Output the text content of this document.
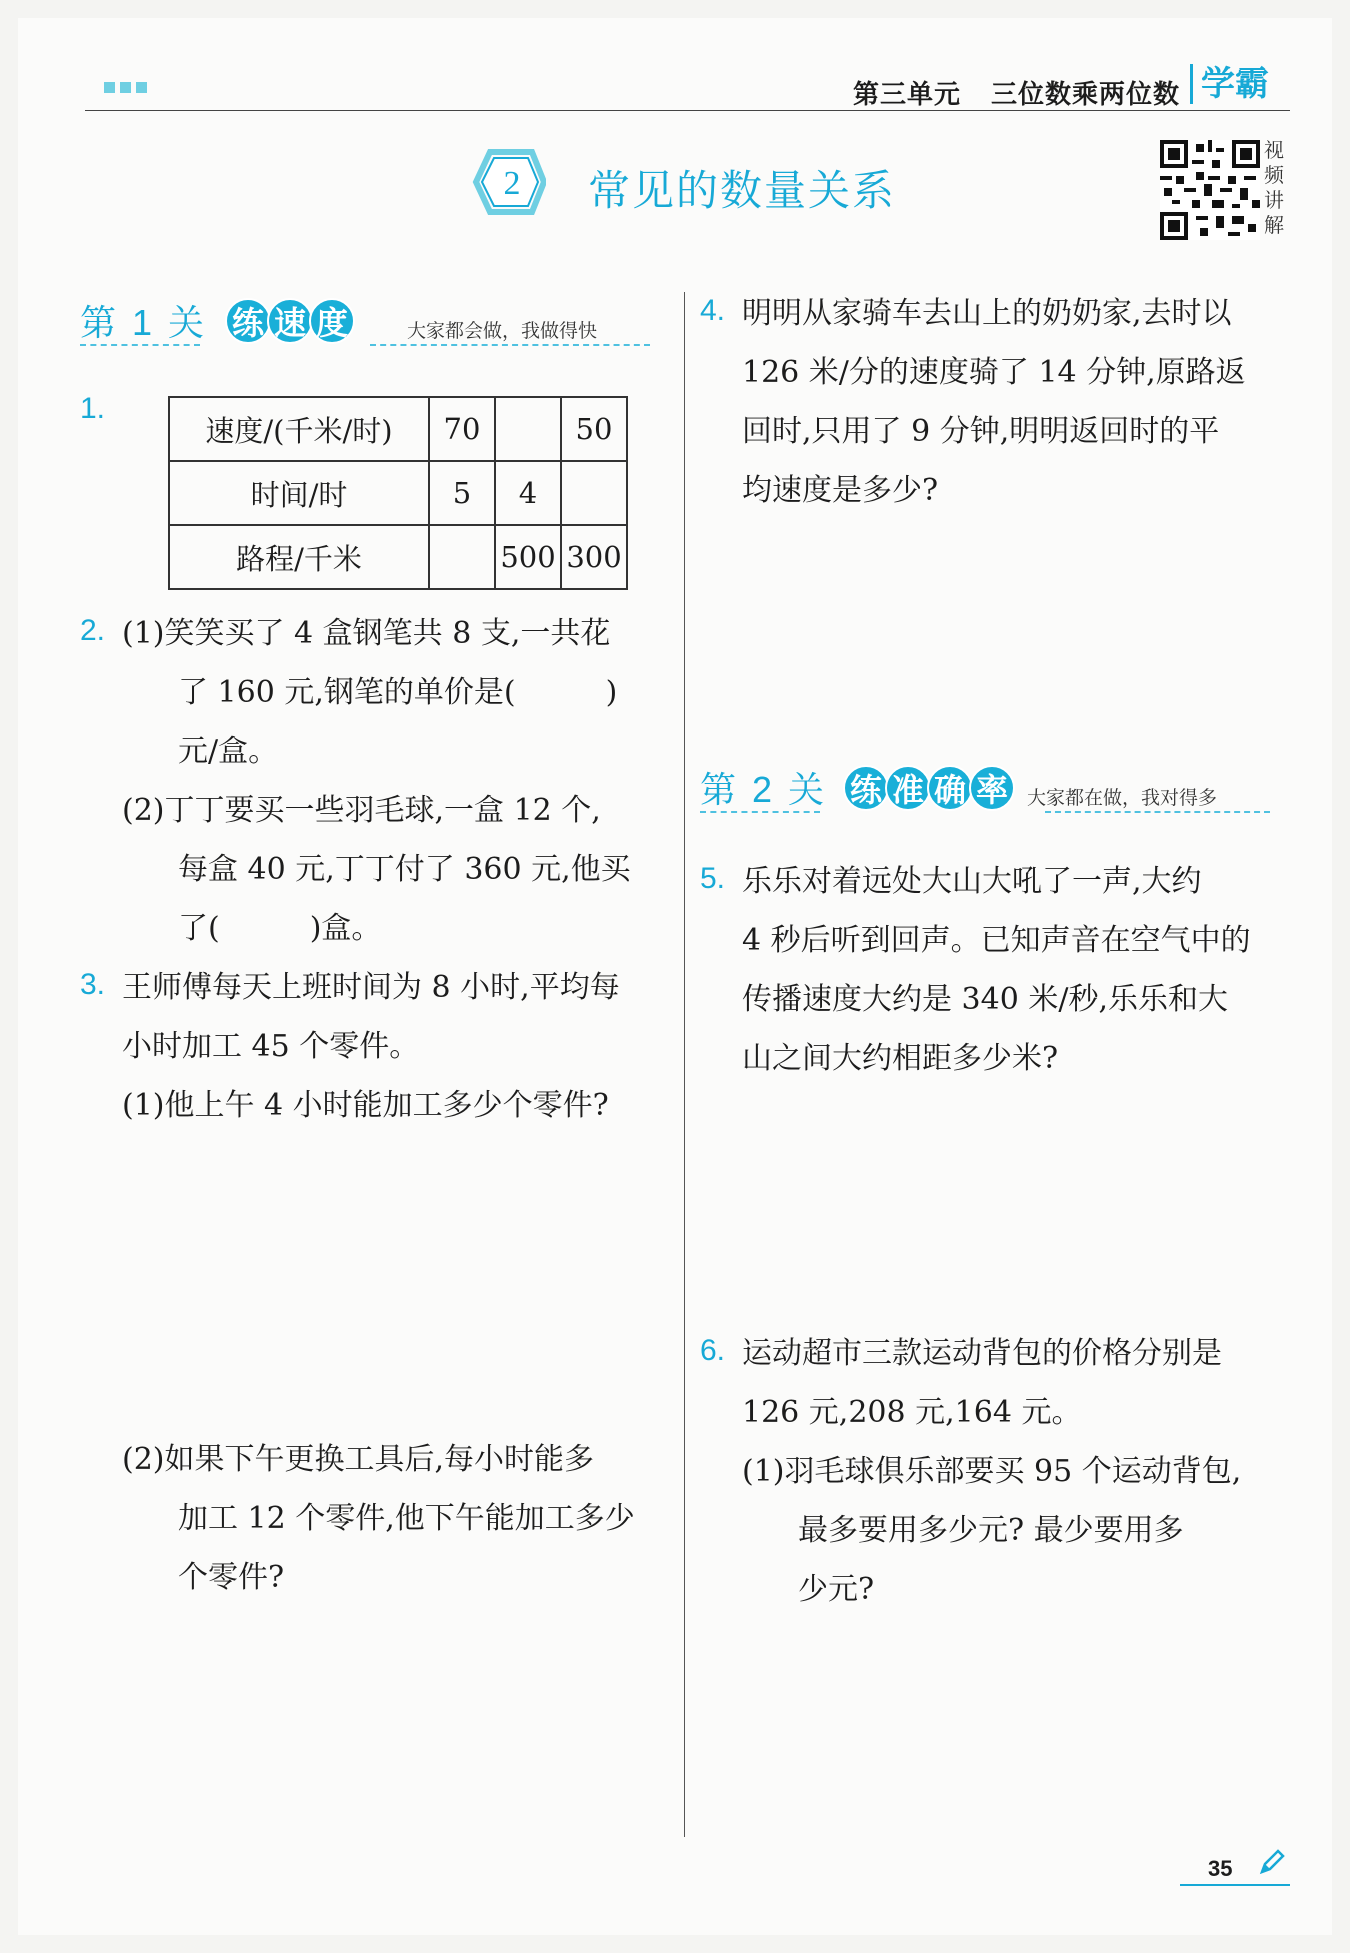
第三单元 三位数乘两位数 学霸
2 常见的数量关系
视
频
讲
解
第 1 关 练 速 度	大家都会做，我做得快
1.
速度/(千米/时)	70		50
时间/时	5	4	
路程/千米		500	300
2. (1)笑笑买了 4 盒钢笔共 8 支,一共花
了 160 元,钢笔的单价是(　　　)
元/盒。
(2)丁丁要买一些羽毛球,一盒 12 个,
每盒 40 元,丁丁付了 360 元,他买
了(　　　)盒。
3. 王师傅每天上班时间为 8 小时,平均每
小时加工 45 个零件。
(1)他上午 4 小时能加工多少个零件?
(2)如果下午更换工具后,每小时能多
加工 12 个零件,他下午能加工多少
个零件?
4. 明明从家骑车去山上的奶奶家,去时以
126 米/分的速度骑了 14 分钟,原路返
回时,只用了 9 分钟,明明返回时的平
均速度是多少?
第 2 关 练 准 确 率	大家都在做，我对得多
5. 乐乐对着远处大山大吼了一声,大约
4 秒后听到回声。已知声音在空气中的
传播速度大约是 340 米/秒,乐乐和大
山之间大约相距多少米?
6. 运动超市三款运动背包的价格分别是
126 元,208 元,164 元。
(1)羽毛球俱乐部要买 95 个运动背包,
最多要用多少元? 最少要用多
少元?
35
